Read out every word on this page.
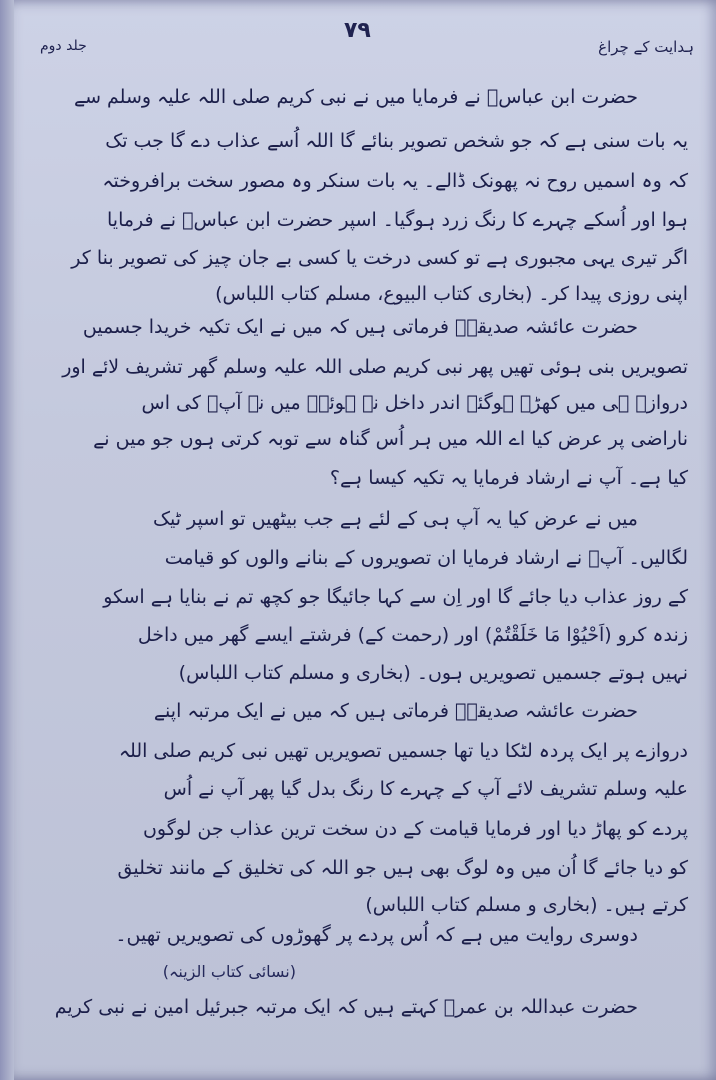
ہدایت کے چراغ
۷۹
جلد دوم
حضرت ابن عباسؓ نے فرمایا میں نے نبی کریم صلی اللہ علیہ وسلم سے
یہ بات سنی ہے کہ جو شخص تصویر بنائے گا اللہ اُسے عذاب دے گا جب تک
کہ وہ اسمیں روح نہ پھونک ڈالے۔ یہ بات سنکر وہ مصور سخت برافروختہ
ہوا اور اُسکے چہرے کا رنگ زرد ہوگیا۔ اسپر حضرت ابن عباسؓ نے فرمایا
اگر تیری یہی مجبوری ہے تو کسی درخت یا کسی بے جان چیز کی تصویر بنا کر
اپنی روزی پیدا کر۔ (بخاری کتاب البیوع، مسلم کتاب اللباس)
حضرت عائشہ صدیقہؓ فرماتی ہیں کہ میں نے ایک تکیہ خریدا جسمیں
تصویریں بنی ہوئی تھیں پھر نبی کریم صلی اللہ علیہ وسلم گھر تشریف لائے اور
دروازے ہی میں کھڑے ہوگئے اندر داخل نہ ہوئے۔ میں نے آپؐ کی اس
ناراضی پر عرض کیا اے اللہ میں ہر اُس گناہ سے توبہ کرتی ہوں جو میں نے
کیا ہے۔ آپ نے ارشاد فرمایا یہ تکیہ کیسا ہے؟
میں نے عرض کیا یہ آپ ہی کے لئے ہے جب بیٹھیں تو اسپر ٹیک
لگالیں۔ آپؐ نے ارشاد فرمایا ان تصویروں کے بنانے والوں کو قیامت
کے روز عذاب دیا جائے گا اور اِن سے کہا جائیگا جو کچھ تم نے بنایا ہے اسکو
زندہ کرو (اَحْیُوْا مَا خَلَقْتُمْ) اور (رحمت کے) فرشتے ایسے گھر میں داخل
نہیں ہوتے جسمیں تصویریں ہوں۔ (بخاری و مسلم کتاب اللباس)
حضرت عائشہ صدیقہؓ فرماتی ہیں کہ میں نے ایک مرتبہ اپنے
دروازے پر ایک پردہ لٹکا دیا تھا جسمیں تصویریں تھیں نبی کریم صلی اللہ
علیہ وسلم تشریف لائے آپ کے چہرے کا رنگ بدل گیا پھر آپ نے اُس
پردے کو پھاڑ دیا اور فرمایا قیامت کے دن سخت ترین عذاب جن لوگوں
کو دیا جائے گا اُن میں وہ لوگ بھی ہیں جو اللہ کی تخلیق کے مانند تخلیق
کرتے ہیں۔ (بخاری و مسلم کتاب اللباس)
دوسری روایت میں ہے کہ اُس پردے پر گھوڑوں کی تصویریں تھیں۔
(نسائی کتاب الزینہ)
حضرت عبداللہ بن عمرؓ کہتے ہیں کہ ایک مرتبہ جبرئیل امین نے نبی کریم
